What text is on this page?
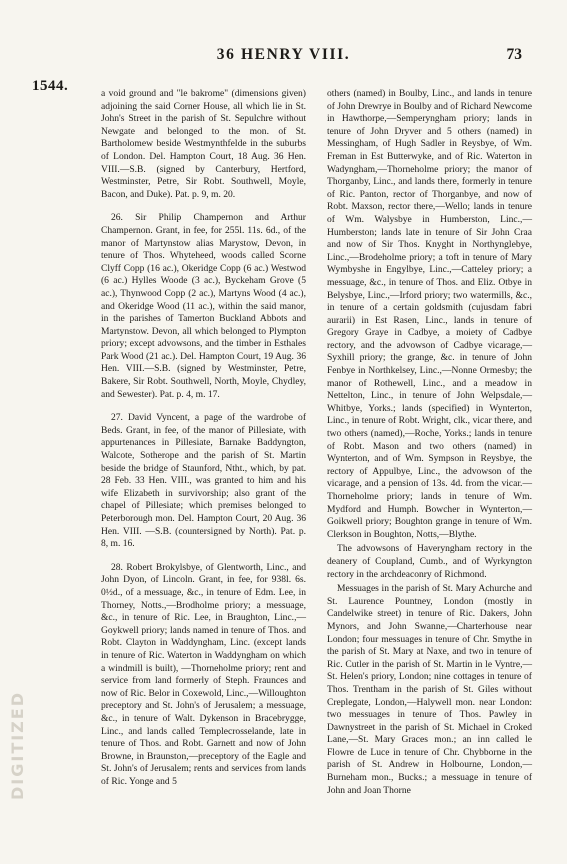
36 HENRY VIII.	73
1544.
DIGITIZED

a void ground and "le bakrome" (dimensions given) adjoining the said Corner House, all which lie in St. John's Street in the parish of St. Sepulchre without Newgate and belonged to the mon. of St. Bartholomew beside Westmynthfelde in the suburbs of London. Del. Hampton Court, 18 Aug. 36 Hen. VIII.—S.B. (signed by Canterbury, Hertford, Westminster, Petre, Sir Robt. Southwell, Moyle, Bacon, and Duke). Pat. p. 9, m. 20.

26. Sir Philip Champernon and Arthur Champernon. Grant, in fee, for 255l. 11s. 6d., of the manor of Martynstow alias Marystow, Devon, in tenure of Thos. Whyteheed, woods called Scorne Clyff Copp (16 ac.), Okeridge Copp (6 ac.) Westwod (6 ac.) Hylles Woode (3 ac.), Byckeham Grove (5 ac.), Thynwood Copp (2 ac.), Martyns Wood (4 ac.), and Okeridge Wood (11 ac.), within the said manor, in the parishes of Tamerton Buckland Abbots and Martynstow. Devon, all which belonged to Plympton priory; except advowsons, and the timber in Esthales Park Wood (21 ac.). Del. Hampton Court, 19 Aug. 36 Hen. VIII.—S.B. (signed by Westminster, Petre, Bakere, Sir Robt. Southwell, North, Moyle, Chydley, and Sewester). Pat. p. 4, m. 17.

27. David Vyncent, a page of the wardrobe of Beds. Grant, in fee, of the manor of Pillesiate, with appurtenances in Pillesiate, Barnake Baddyngton, Walcote, Sotherope and the parish of St. Martin beside the bridge of Staunford, Ntht., which, by pat. 28 Feb. 33 Hen. VIII., was granted to him and his wife Elizabeth in survivorship; also grant of the chapel of Pillesiate; which premises belonged to Peterborough mon. Del. Hampton Court, 20 Aug. 36 Hen. VIII. —S.B. (countersigned by North). Pat. p. 8, m. 16.

28. Robert Brokylsbye, of Glentworth, Linc., and John Dyon, of Lincoln. Grant, in fee, for 938l. 6s. 0½d., of a messuage, &c., in tenure of Edm. Lee, in Thorney, Notts.,—Brodholme priory; a messuage, &c., in tenure of Ric. Lee, in Braughton, Linc.,—Goykwell priory; lands named in tenure of Thos. and Robt. Clayton in Waddyngham, Linc. (except lands in tenure of Ric. Waterton in Waddyngham on which a windmill is built), —Thorneholme priory; rent and service from land formerly of Steph. Fraunces and now of Ric. Belor in Coxewold, Linc.,—Willoughton preceptory and St. John's of Jerusalem; a messuage, &c., in tenure of Walt. Dykenson in Bracebrygge, Linc., and lands called Templecrosselande, late in tenure of Thos. and Robt. Garnett and now of John Browne, in Braunston,—preceptory of the Eagle and St. John's of Jerusalem; rents and services from lands of Ric. Yonge and 5

others (named) in Boulby, Linc., and lands in tenure of John Drewrye in Boulby and of Richard Newcome in Hawthorpe,—Semperyngham priory; lands in tenure of John Dryver and 5 others (named) in Messingham, of Hugh Sadler in Reysbye, of Wm. Freman in Est Butterwyke, and of Ric. Waterton in Wadyngham,—Thorneholme priory; the manor of Thorganby, Linc., and lands there, formerly in tenure of Ric. Panton, rector of Thorganbye, and now of Robt. Maxson, rector there,—Wello; lands in tenure of Wm. Walysbye in Humberston, Linc.,—Humberston; lands late in tenure of Sir John Craa and now of Sir Thos. Knyght in Northynglebye, Linc.,—Brodeholme priory; a toft in tenure of Mary Wymbyshe in Engylbye, Linc.,—Catteley priory; a messuage, &c., in tenure of Thos. and Eliz. Otbye in Belysbye, Linc.,—Irford priory; two watermills, &c., in tenure of a certain goldsmith (cujusdam fabri aurarii) in Est Rasen, Linc., lands in tenure of Gregory Graye in Cadbye, a moiety of Cadbye rectory, and the advowson of Cadbye vicarage,—Syxhill priory; the grange, &c. in tenure of John Fenbye in Northkelsey, Linc.,—Nonne Ormesby; the manor of Rothewell, Linc., and a meadow in Nettelton, Linc., in tenure of John Welpsdale,—Whitbye, Yorks.; lands (specified) in Wynterton, Linc., in tenure of Robt. Wright, clk., vicar there, and two others (named),—Roche, Yorks.; lands in tenure of Robt. Mason and two others (named) in Wynterton, and of Wm. Sympson in Reysbye, the rectory of Appulbye, Linc., the advowson of the vicarage, and a pension of 13s. 4d. from the vicar.—Thorneholme priory; lands in tenure of Wm. Mydford and Humph. Bowcher in Wynterton,—Goikwell priory; Boughton grange in tenure of Wm. Clerkson in Boughton, Notts,—Blythe.

The advowsons of Haveryngham rectory in the deanery of Coupland, Cumb., and of Wyrkyngton rectory in the archdeaconry of Richmond.

Messuages in the parish of St. Mary Achurche and St. Laurence Pountney, London (mostly in Candelwike street) in tenure of Ric. Dakers, John Mynors, and John Swanne,—Charterhouse near London; four messuages in tenure of Chr. Smythe in the parish of St. Mary at Naxe, and two in tenure of Ric. Cutler in the parish of St. Martin in le Vyntre,—St. Helen's priory, London; nine cottages in tenure of Thos. Trentham in the parish of St. Giles without Creplegate, London,—Halywell mon. near London: two messuages in tenure of Thos. Pawley in Dawnystreet in the parish of St. Michael in Croked Lane,—St. Mary Graces mon.; an inn called le Flowre de Luce in tenure of Chr. Chybborne in the parish of St. Andrew in Holbourne, London,—Burneham mon., Bucks.; a messuage in tenure of John and Joan Thorne
